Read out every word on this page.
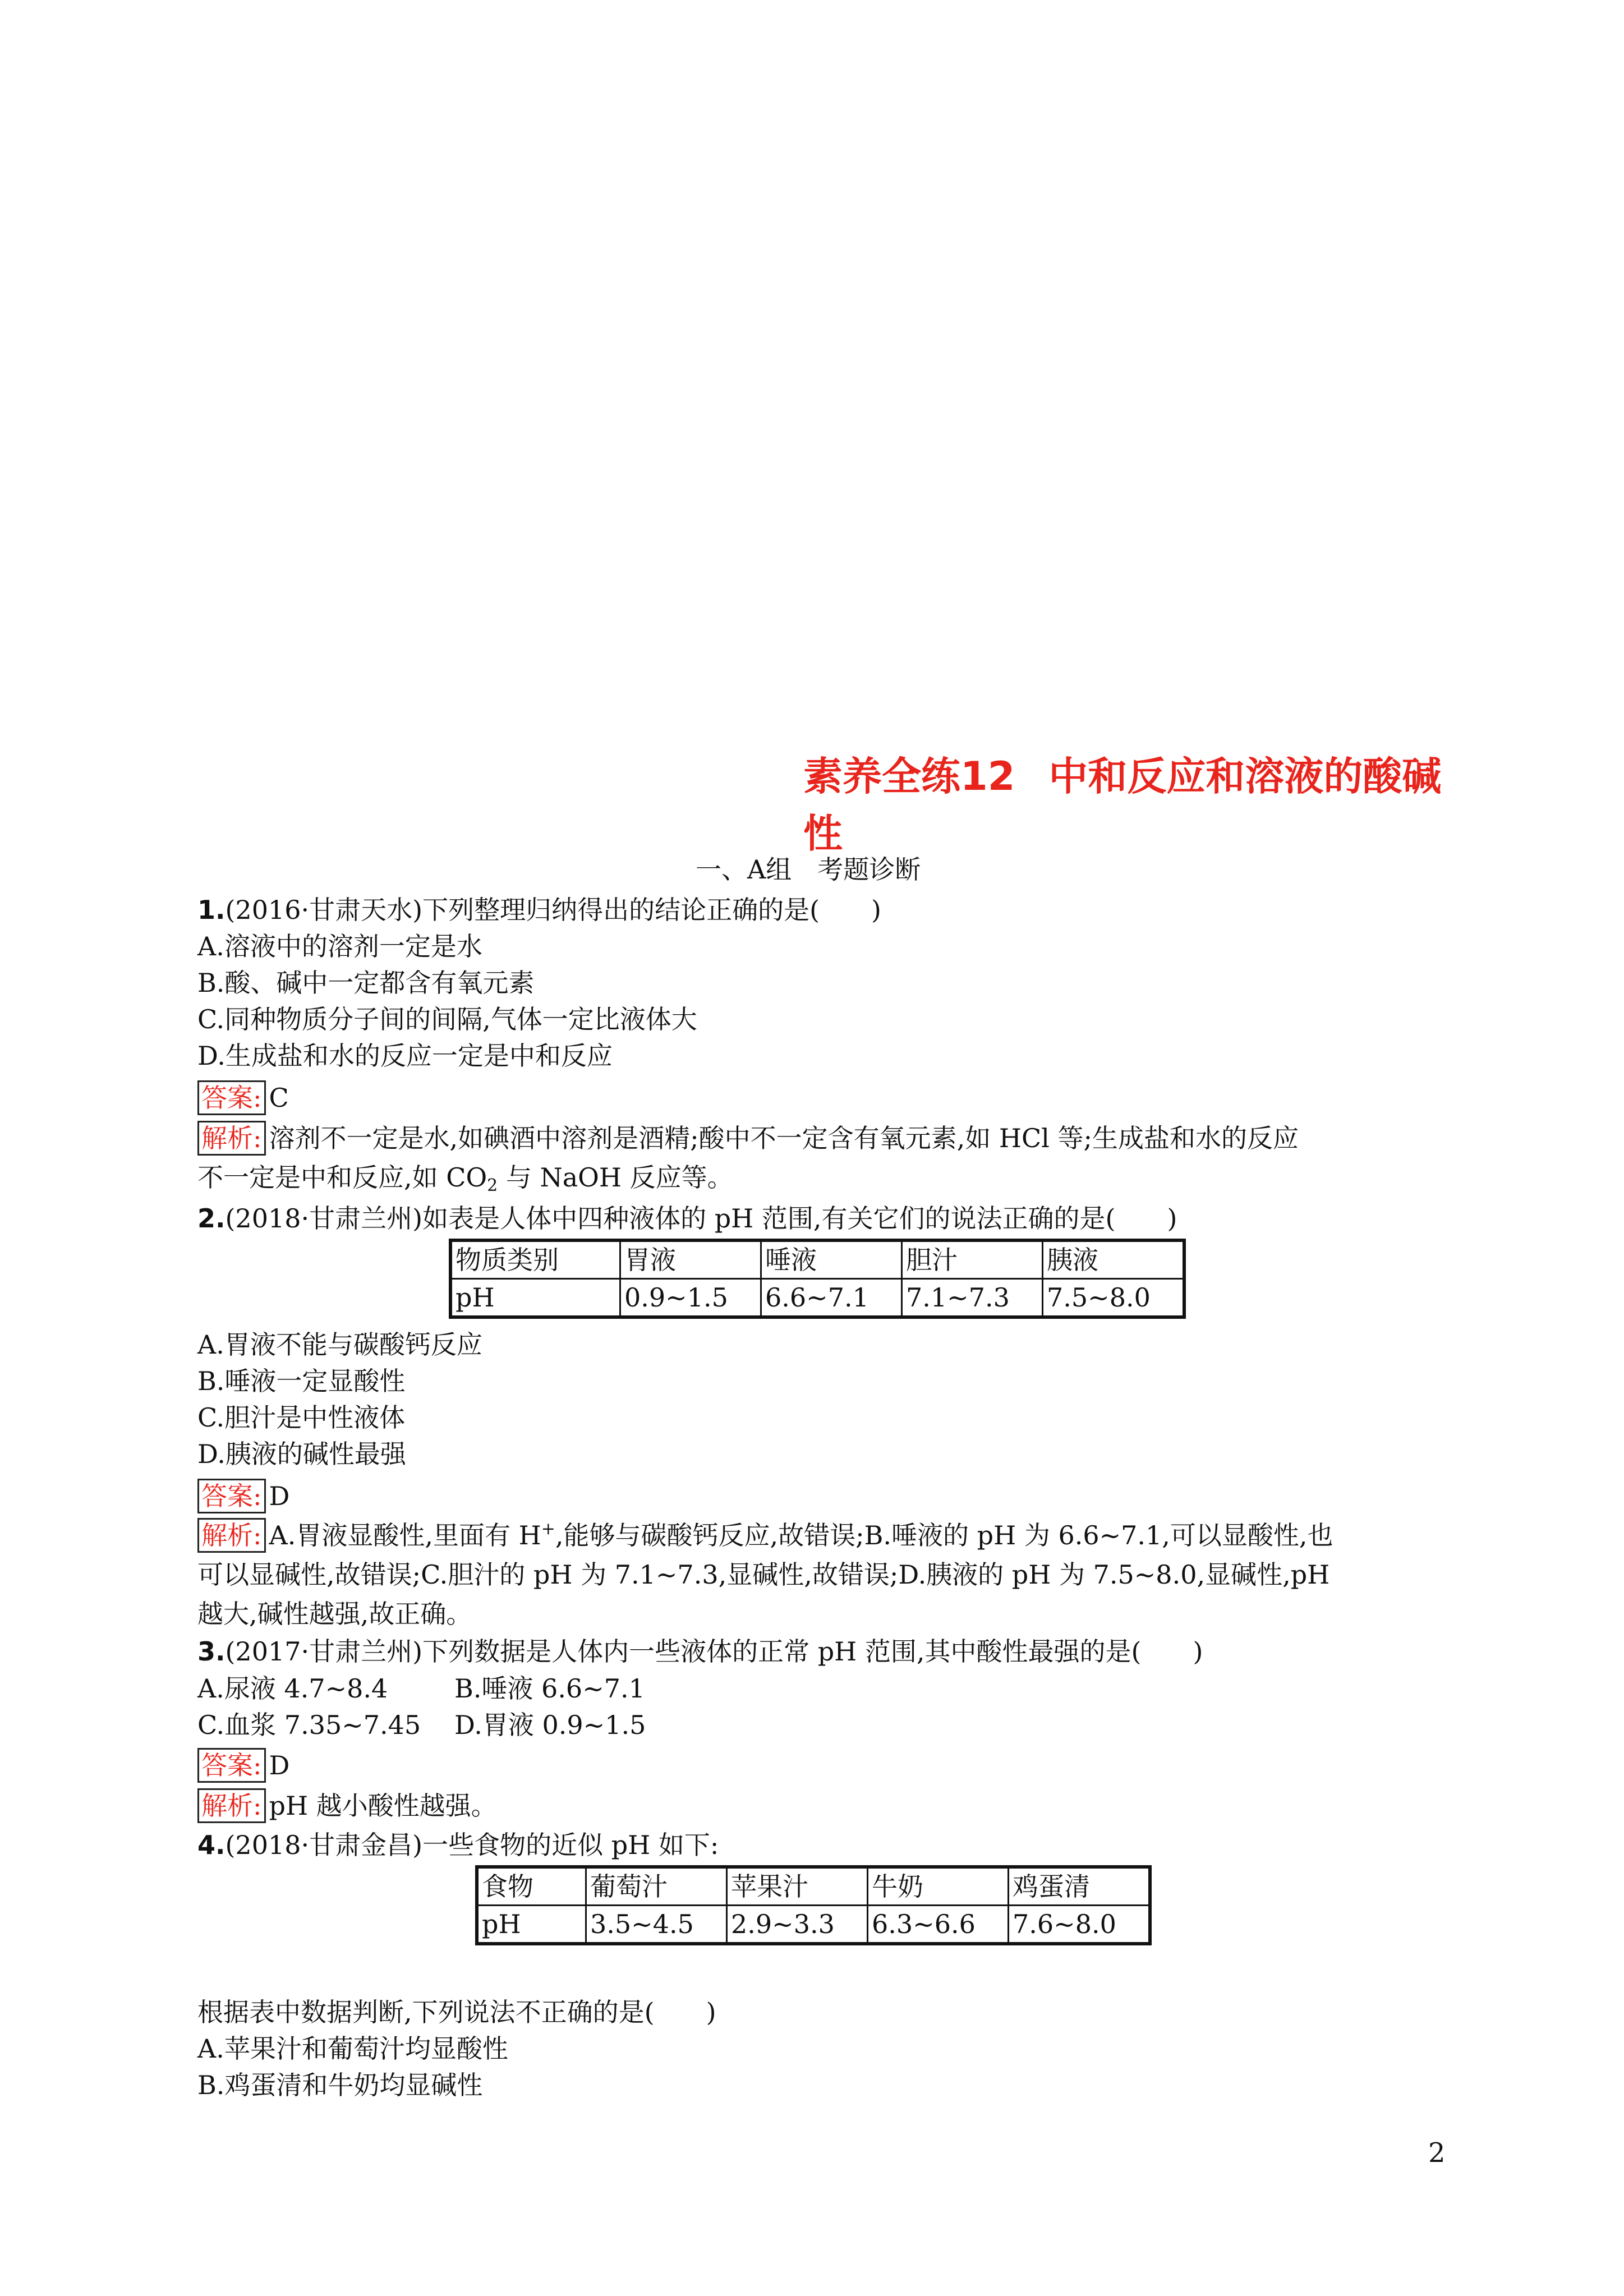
素养全练12 中和反应和溶液的酸碱
性
一、A组　考题诊断
1.(2016·甘肃天水)下列整理归纳得出的结论正确的是(　　)
A.溶液中的溶剂一定是水
B.酸、碱中一定都含有氧元素
C.同种物质分子间的间隔,气体一定比液体大
D.生成盐和水的反应一定是中和反应
答案: C
解析: 溶剂不一定是水,如碘酒中溶剂是酒精;酸中不一定含有氧元素,如 HCl 等;生成盐和水的反应
不一定是中和反应,如 $CO_2$ 与 NaOH 反应等。
2.(2018·甘肃兰州)如表是人体中四种液体的 pH 范围,有关它们的说法正确的是(　　)
物质类别	胃液	唾液	胆汁	胰液
pH	0.9~1.5	6.6~7.1	7.1~7.3	7.5~8.0
A.胃液不能与碳酸钙反应
B.唾液一定显酸性
C.胆汁是中性液体
D.胰液的碱性最强
答案: D
解析: A.胃液显酸性,里面有 H+,能够与碳酸钙反应,故错误;B.唾液的 pH 为 6.6~7.1,可以显酸性,也
可以显碱性,故错误;C.胆汁的 pH 为 7.1~7.3,显碱性,故错误;D.胰液的 pH 为 7.5~8.0,显碱性,pH
越大,碱性越强,故正确。
3.(2017·甘肃兰州)下列数据是人体内一些液体的正常 pH 范围,其中酸性最强的是(　　)
A.尿液 4.7~8.4	B.唾液 6.6~7.1
C.血浆 7.35~7.45 D.胃液 0.9~1.5
答案: D
解析: pH 越小酸性越强。
4.(2018·甘肃金昌)一些食物的近似 pH 如下:
食物	葡萄汁	苹果汁	牛奶	鸡蛋清
pH	3.5~4.5	2.9~3.3	6.3~6.6	7.6~8.0
根据表中数据判断,下列说法不正确的是(　　)
A.苹果汁和葡萄汁均显酸性
B.鸡蛋清和牛奶均显碱性
2
